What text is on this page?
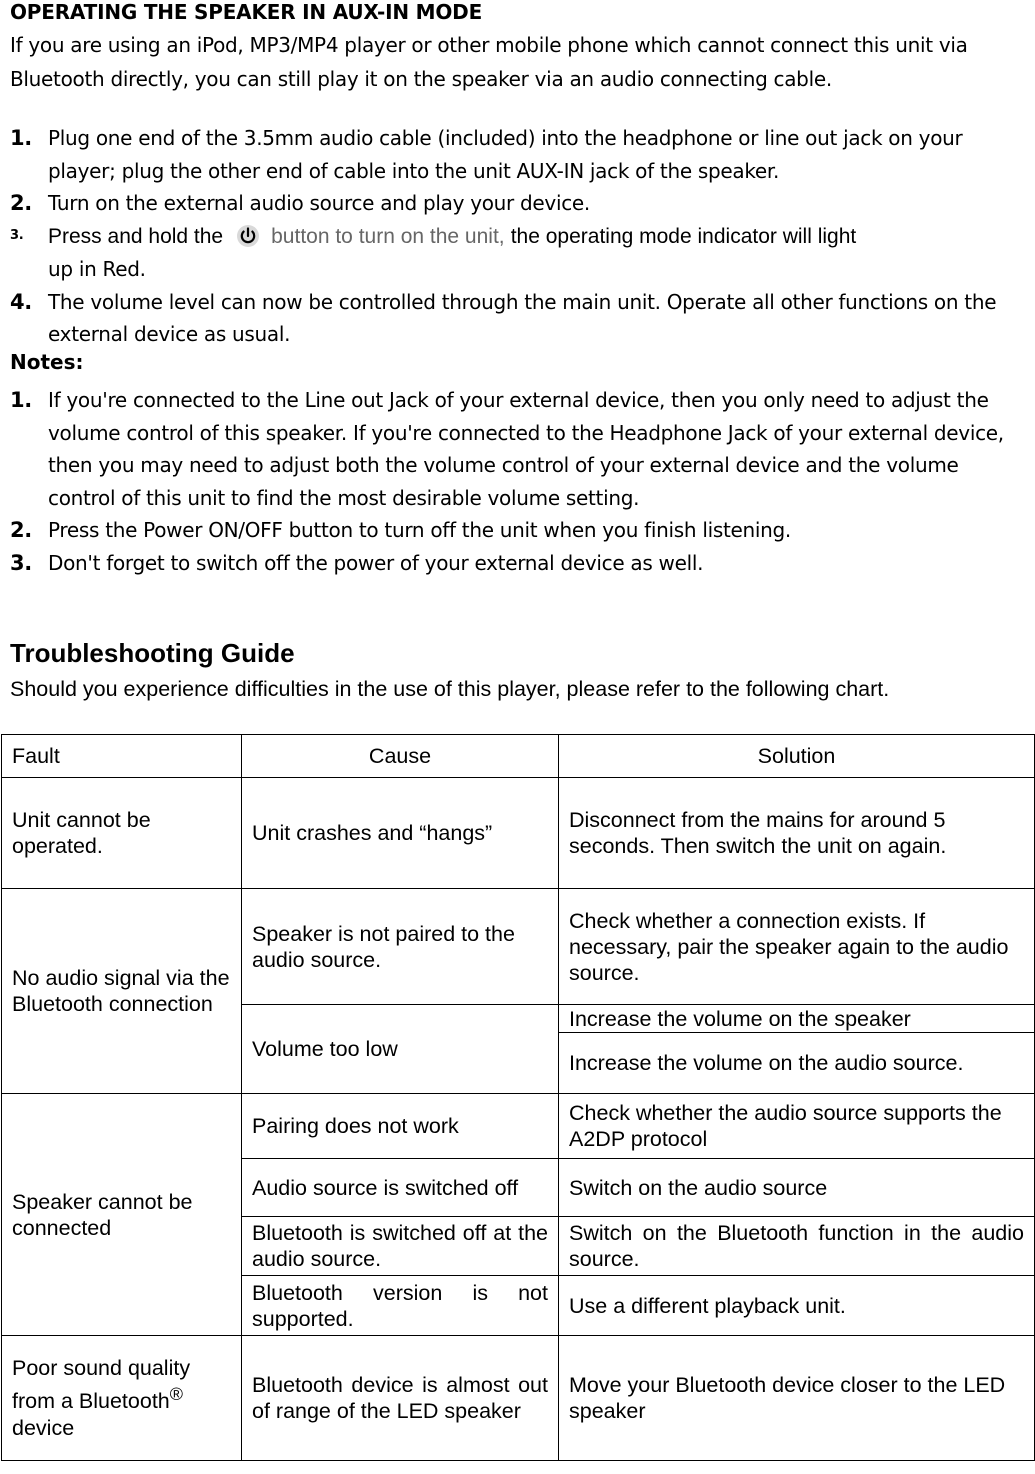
OPERATING THE SPEAKER IN AUX-IN MODE
If you are using an iPod, MP3/MP4 player or other mobile phone which cannot connect this unit via Bluetooth directly, you can still play it on the speaker via an audio connecting cable.
1. Plug one end of the 3.5mm audio cable (included) into the headphone or line out jack on your player; plug the other end of cable into the unit AUX-IN jack of the speaker.
2. Turn on the external audio source and play your device.
3. Press and hold the button to turn on the unit, the operating mode indicator will light
up in Red.
4. The volume level can now be controlled through the main unit. Operate all other functions on the external device as usual.
Notes:
1. If you're connected to the Line out Jack of your external device, then you only need to adjust the volume control of this speaker. If you're connected to the Headphone Jack of your external device, then you may need to adjust both the volume control of your external device and the volume control of this unit to find the most desirable volume setting.
2. Press the Power ON/OFF button to turn off the unit when you finish listening.
3. Don't forget to switch off the power of your external device as well.
Troubleshooting Guide
Should you experience difficulties in the use of this player, please refer to the following chart.
Fault	Cause	Solution
Unit cannot be operated.	Unit crashes and “hangs”	Disconnect from the mains for around 5 seconds. Then switch the unit on again.
No audio signal via the Bluetooth connection	Speaker is not paired to the audio source.	Check whether a connection exists. If necessary, pair the speaker again to the audio source.
	Volume too low	Increase the volume on the speaker
		Increase the volume on the audio source.
Speaker cannot be connected	Pairing does not work	Check whether the audio source supports the A2DP protocol
	Audio source is switched off	Switch on the audio source
	Bluetooth is switched off at the audio source.	Switch on the Bluetooth function in the audio source.
	Bluetooth version is not supported.	Use a different playback unit.
Poor sound quality from a Bluetooth® device	Bluetooth device is almost out of range of the LED speaker	Move your Bluetooth device closer to the LED speaker
